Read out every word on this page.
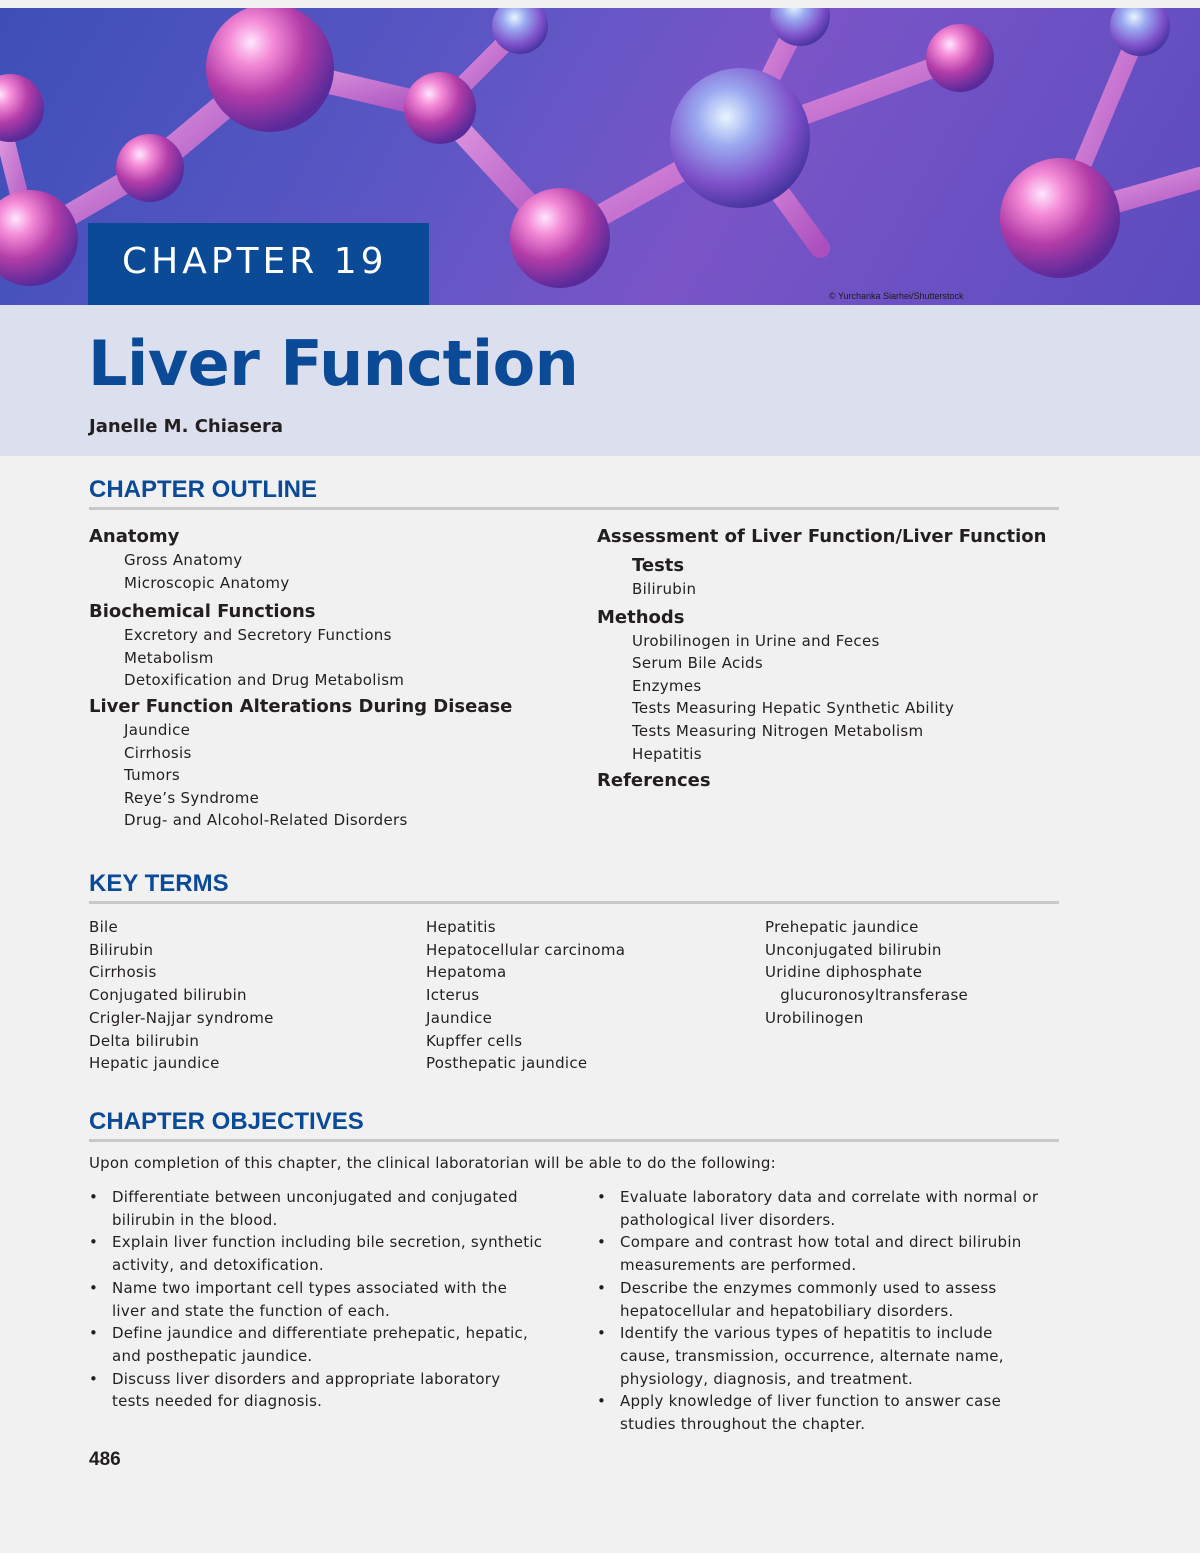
© Yurchanka Siarhei/Shutterstock
CHAPTER 19
Liver Function
Janelle M. Chiasera
CHAPTER OUTLINE
Anatomy
Gross Anatomy
Microscopic Anatomy
Biochemical Functions
Excretory and Secretory Functions
Metabolism
Detoxification and Drug Metabolism
Liver Function Alterations During Disease
Jaundice
Cirrhosis
Tumors
Reye’s Syndrome
Drug- and Alcohol-Related Disorders
Assessment of Liver Function/Liver Function
Tests
Bilirubin
Methods
Urobilinogen in Urine and Feces
Serum Bile Acids
Enzymes
Tests Measuring Hepatic Synthetic Ability
Tests Measuring Nitrogen Metabolism
Hepatitis
References
KEY TERMS
Bile
Bilirubin
Cirrhosis
Conjugated bilirubin
Crigler-Najjar syndrome
Delta bilirubin
Hepatic jaundice
Hepatitis
Hepatocellular carcinoma
Hepatoma
Icterus
Jaundice
Kupffer cells
Posthepatic jaundice
Prehepatic jaundice
Unconjugated bilirubin
Uridine diphosphate
glucuronosyltransferase
Urobilinogen
CHAPTER OBJECTIVES
Upon completion of this chapter, the clinical laboratorian will be able to do the following:
• Differentiate between unconjugated and conjugated
bilirubin in the blood.
• Explain liver function including bile secretion, synthetic
activity, and detoxification.
• Name two important cell types associated with the
liver and state the function of each.
• Define jaundice and differentiate prehepatic, hepatic,
and posthepatic jaundice.
• Discuss liver disorders and appropriate laboratory
tests needed for diagnosis.
• Evaluate laboratory data and correlate with normal or
pathological liver disorders.
• Compare and contrast how total and direct bilirubin
measurements are performed.
• Describe the enzymes commonly used to assess
hepatocellular and hepatobiliary disorders.
• Identify the various types of hepatitis to include
cause, transmission, occurrence, alternate name,
physiology, diagnosis, and treatment.
• Apply knowledge of liver function to answer case
studies throughout the chapter.
486
